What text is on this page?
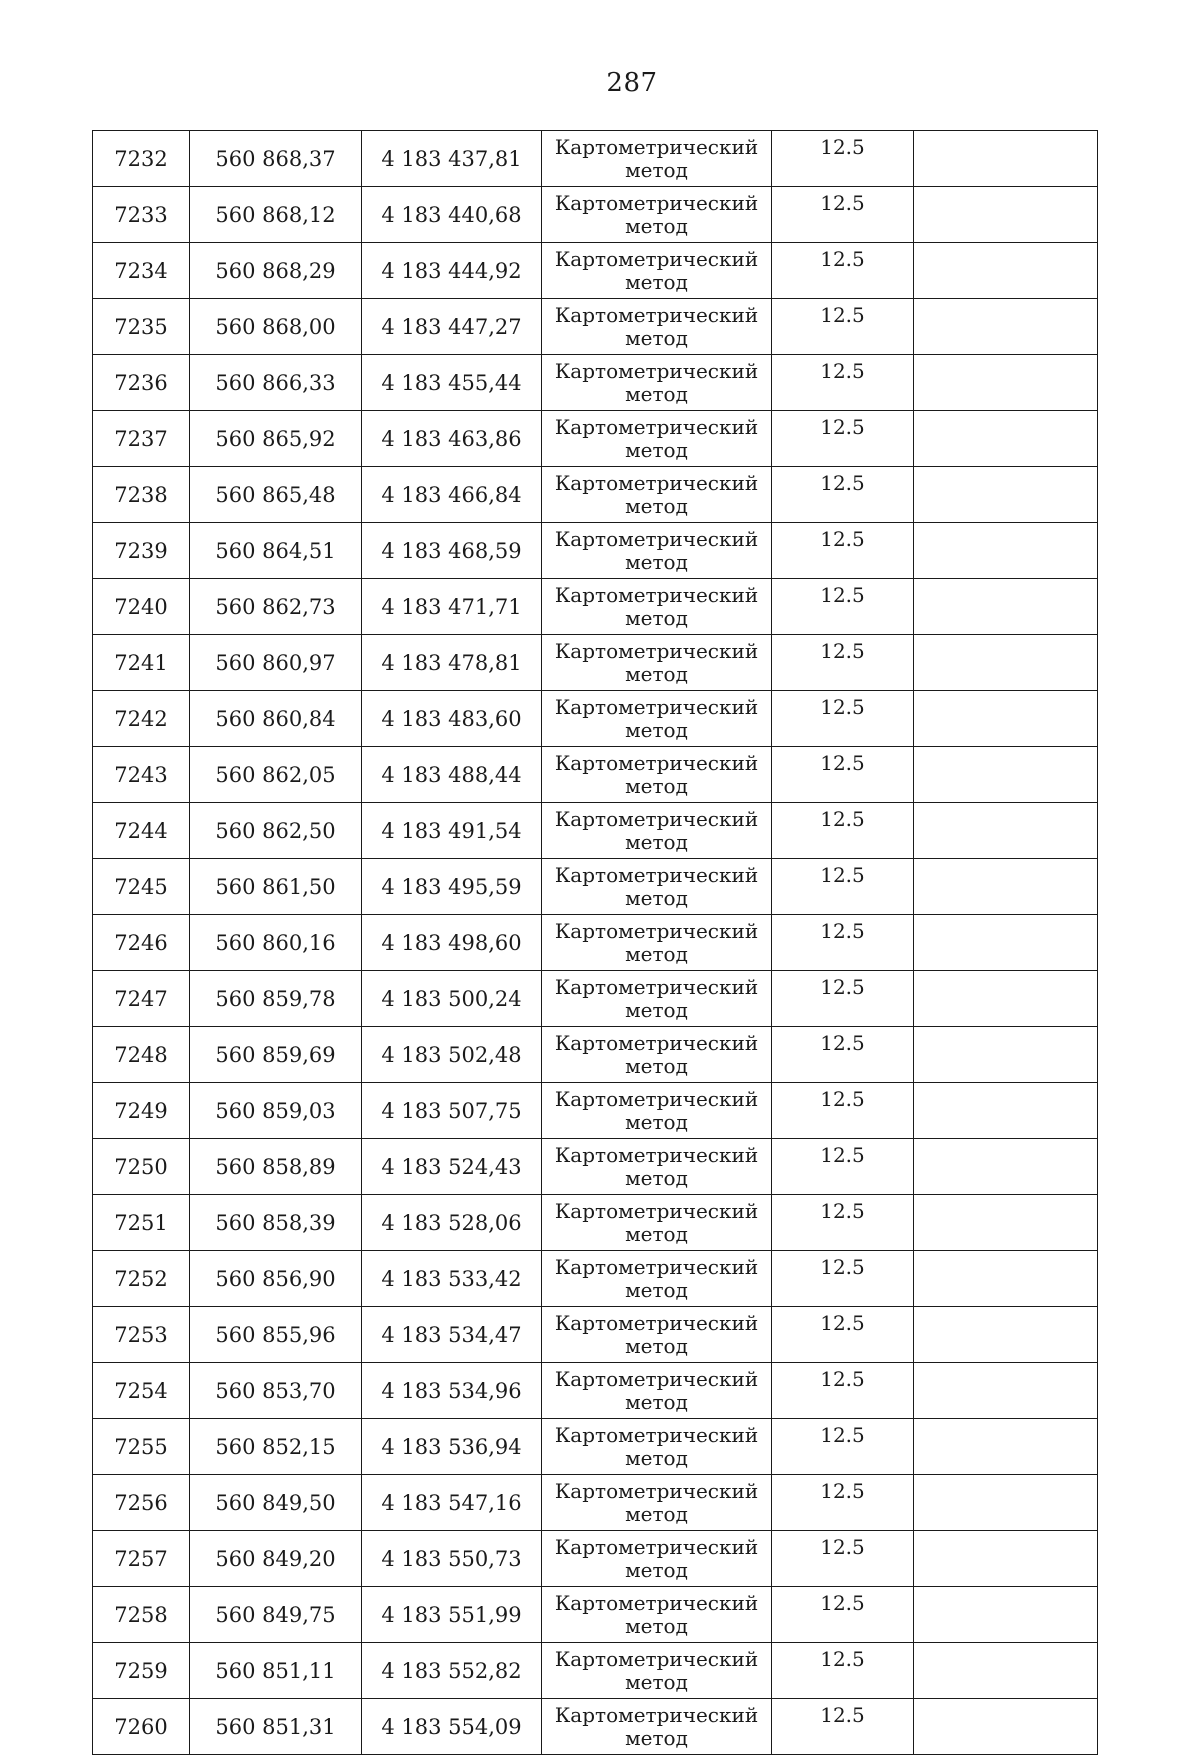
287
7232	560 868,37	4 183 437,81	Картометрический
метод	12.5	
7233	560 868,12	4 183 440,68	Картометрический
метод	12.5	
7234	560 868,29	4 183 444,92	Картометрический
метод	12.5	
7235	560 868,00	4 183 447,27	Картометрический
метод	12.5	
7236	560 866,33	4 183 455,44	Картометрический
метод	12.5	
7237	560 865,92	4 183 463,86	Картометрический
метод	12.5	
7238	560 865,48	4 183 466,84	Картометрический
метод	12.5	
7239	560 864,51	4 183 468,59	Картометрический
метод	12.5	
7240	560 862,73	4 183 471,71	Картометрический
метод	12.5	
7241	560 860,97	4 183 478,81	Картометрический
метод	12.5	
7242	560 860,84	4 183 483,60	Картометрический
метод	12.5	
7243	560 862,05	4 183 488,44	Картометрический
метод	12.5	
7244	560 862,50	4 183 491,54	Картометрический
метод	12.5	
7245	560 861,50	4 183 495,59	Картометрический
метод	12.5	
7246	560 860,16	4 183 498,60	Картометрический
метод	12.5	
7247	560 859,78	4 183 500,24	Картометрический
метод	12.5	
7248	560 859,69	4 183 502,48	Картометрический
метод	12.5	
7249	560 859,03	4 183 507,75	Картометрический
метод	12.5	
7250	560 858,89	4 183 524,43	Картометрический
метод	12.5	
7251	560 858,39	4 183 528,06	Картометрический
метод	12.5	
7252	560 856,90	4 183 533,42	Картометрический
метод	12.5	
7253	560 855,96	4 183 534,47	Картометрический
метод	12.5	
7254	560 853,70	4 183 534,96	Картометрический
метод	12.5	
7255	560 852,15	4 183 536,94	Картометрический
метод	12.5	
7256	560 849,50	4 183 547,16	Картометрический
метод	12.5	
7257	560 849,20	4 183 550,73	Картометрический
метод	12.5	
7258	560 849,75	4 183 551,99	Картометрический
метод	12.5	
7259	560 851,11	4 183 552,82	Картометрический
метод	12.5	
7260	560 851,31	4 183 554,09	Картометрический
метод	12.5	
